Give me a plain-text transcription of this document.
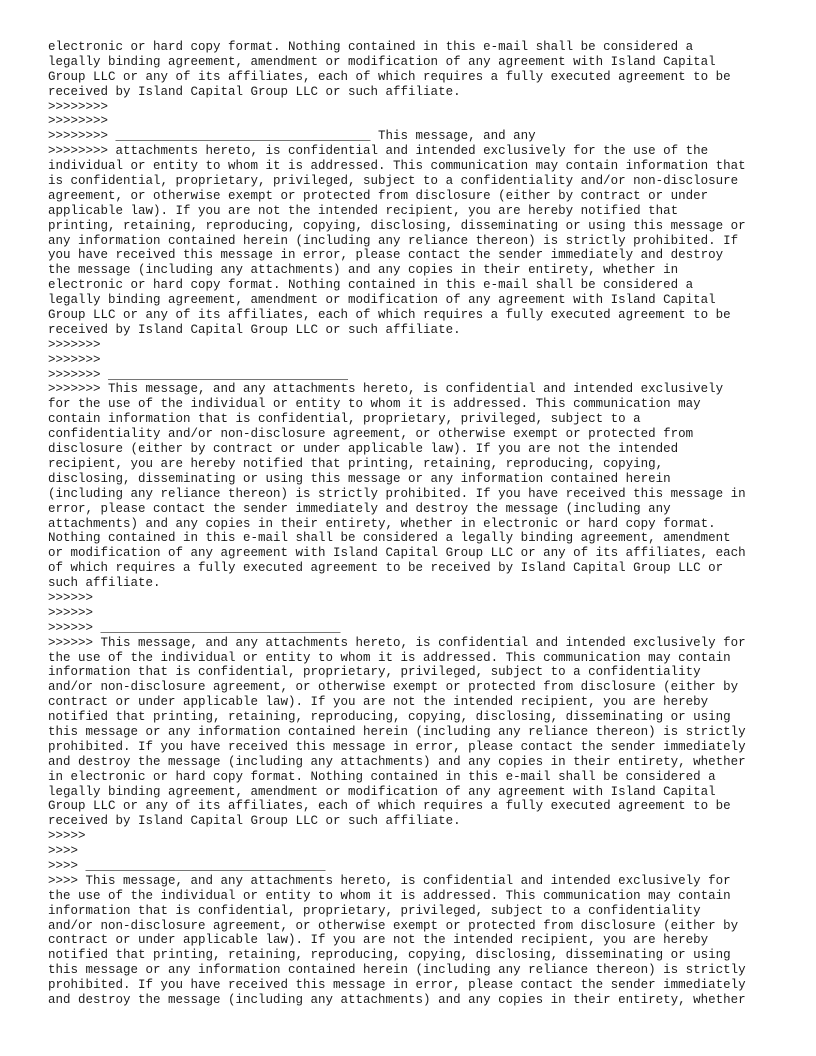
electronic or hard copy format. Nothing contained in this e-mail shall be considered a
legally binding agreement, amendment or modification of any agreement with Island Capital
Group LLC or any of its affiliates, each of which requires a fully executed agreement to be
received by Island Capital Group LLC or such affiliate.
>>>>>>>>
>>>>>>>>
>>>>>>>> __________________________________ This message, and any
>>>>>>>> attachments hereto, is confidential and intended exclusively for the use of the
individual or entity to whom it is addressed. This communication may contain information that
is confidential, proprietary, privileged, subject to a confidentiality and/or non-disclosure
agreement, or otherwise exempt or protected from disclosure (either by contract or under
applicable law). If you are not the intended recipient, you are hereby notified that
printing, retaining, reproducing, copying, disclosing, disseminating or using this message or
any information contained herein (including any reliance thereon) is strictly prohibited. If
you have received this message in error, please contact the sender immediately and destroy
the message (including any attachments) and any copies in their entirety, whether in
electronic or hard copy format. Nothing contained in this e-mail shall be considered a
legally binding agreement, amendment or modification of any agreement with Island Capital
Group LLC or any of its affiliates, each of which requires a fully executed agreement to be
received by Island Capital Group LLC or such affiliate.
>>>>>>>
>>>>>>>
>>>>>>> ________________________________
>>>>>>> This message, and any attachments hereto, is confidential and intended exclusively
for the use of the individual or entity to whom it is addressed. This communication may
contain information that is confidential, proprietary, privileged, subject to a
confidentiality and/or non-disclosure agreement, or otherwise exempt or protected from
disclosure (either by contract or under applicable law). If you are not the intended
recipient, you are hereby notified that printing, retaining, reproducing, copying,
disclosing, disseminating or using this message or any information contained herein
(including any reliance thereon) is strictly prohibited. If you have received this message in
error, please contact the sender immediately and destroy the message (including any
attachments) and any copies in their entirety, whether in electronic or hard copy format.
Nothing contained in this e-mail shall be considered a legally binding agreement, amendment
or modification of any agreement with Island Capital Group LLC or any of its affiliates, each
of which requires a fully executed agreement to be received by Island Capital Group LLC or
such affiliate.
>>>>>>
>>>>>>
>>>>>> ________________________________
>>>>>> This message, and any attachments hereto, is confidential and intended exclusively for
the use of the individual or entity to whom it is addressed. This communication may contain
information that is confidential, proprietary, privileged, subject to a confidentiality
and/or non-disclosure agreement, or otherwise exempt or protected from disclosure (either by
contract or under applicable law). If you are not the intended recipient, you are hereby
notified that printing, retaining, reproducing, copying, disclosing, disseminating or using
this message or any information contained herein (including any reliance thereon) is strictly
prohibited. If you have received this message in error, please contact the sender immediately
and destroy the message (including any attachments) and any copies in their entirety, whether
in electronic or hard copy format. Nothing contained in this e-mail shall be considered a
legally binding agreement, amendment or modification of any agreement with Island Capital
Group LLC or any of its affiliates, each of which requires a fully executed agreement to be
received by Island Capital Group LLC or such affiliate.
>>>>>
>>>>
>>>> ________________________________
>>>> This message, and any attachments hereto, is confidential and intended exclusively for
the use of the individual or entity to whom it is addressed. This communication may contain
information that is confidential, proprietary, privileged, subject to a confidentiality
and/or non-disclosure agreement, or otherwise exempt or protected from disclosure (either by
contract or under applicable law). If you are not the intended recipient, you are hereby
notified that printing, retaining, reproducing, copying, disclosing, disseminating or using
this message or any information contained herein (including any reliance thereon) is strictly
prohibited. If you have received this message in error, please contact the sender immediately
and destroy the message (including any attachments) and any copies in their entirety, whether
